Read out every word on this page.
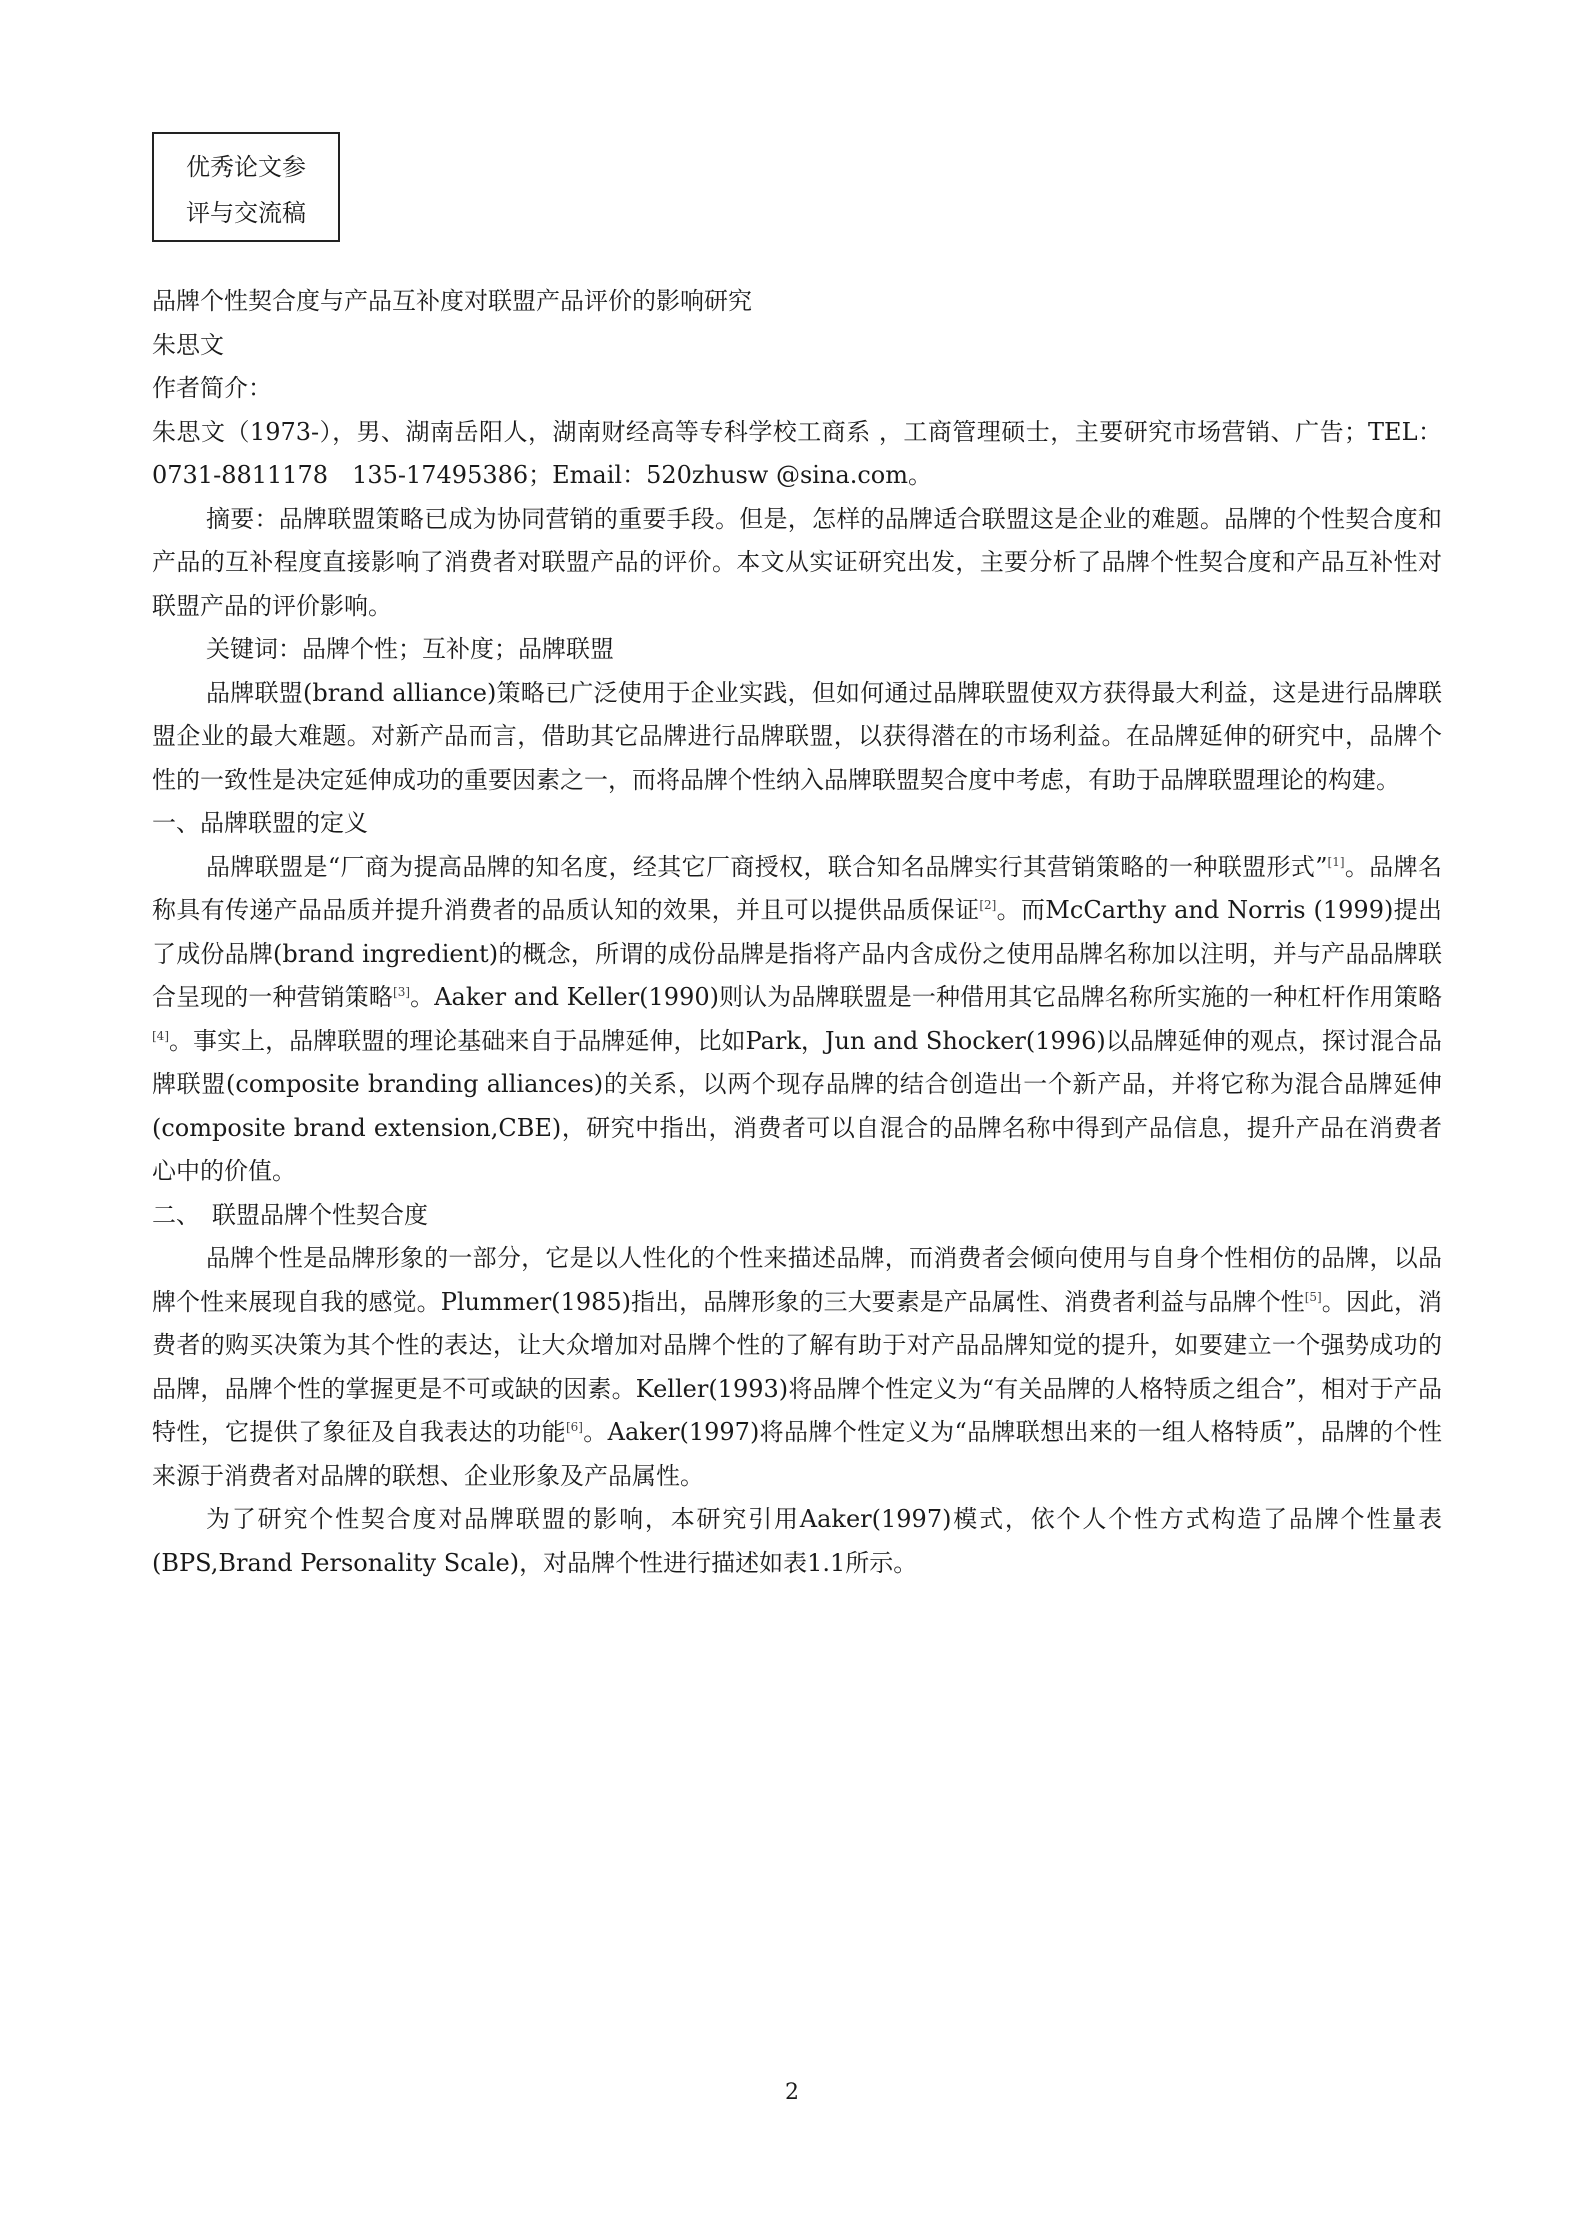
优秀论文参
评与交流稿

品牌个性契合度与产品互补度对联盟产品评价的影响研究

朱思文

作者简介：

朱思文（1973-），男、湖南岳阳人，湖南财经高等专科学校工商系 ，工商管理硕士，主要研究市场营销、广告；TEL：0731-8811178　135-17495386；Email：520zhusw @sina.com。

摘要：品牌联盟策略已成为协同营销的重要手段。但是，怎样的品牌适合联盟这是企业的难题。品牌的个性契合度和产品的互补程度直接影响了消费者对联盟产品的评价。本文从实证研究出发，主要分析了品牌个性契合度和产品互补性对联盟产品的评价影响。

关键词：品牌个性；互补度；品牌联盟

品牌联盟(brand alliance)策略已广泛使用于企业实践，但如何通过品牌联盟使双方获得最大利益，这是进行品牌联盟企业的最大难题。对新产品而言，借助其它品牌进行品牌联盟，以获得潜在的市场利益。在品牌延伸的研究中，品牌个性的一致性是决定延伸成功的重要因素之一，而将品牌个性纳入品牌联盟契合度中考虑，有助于品牌联盟理论的构建。

一、品牌联盟的定义

品牌联盟是“厂商为提高品牌的知名度，经其它厂商授权，联合知名品牌实行其营销策略的一种联盟形式”[1]。品牌名称具有传递产品品质并提升消费者的品质认知的效果，并且可以提供品质保证[2]。而McCarthy and Norris (1999)提出了成份品牌(brand ingredient)的概念，所谓的成份品牌是指将产品内含成份之使用品牌名称加以注明，并与产品品牌联合呈现的一种营销策略[3]。Aaker and Keller(1990)则认为品牌联盟是一种借用其它品牌名称所实施的一种杠杆作用策略[4]。事实上，品牌联盟的理论基础来自于品牌延伸，比如Park，Jun and Shocker(1996)以品牌延伸的观点，探讨混合品牌联盟(composite branding alliances)的关系，以两个现存品牌的结合创造出一个新产品，并将它称为混合品牌延伸(composite brand extension,CBE)，研究中指出，消费者可以自混合的品牌名称中得到产品信息，提升产品在消费者心中的价值。

二、　联盟品牌个性契合度

品牌个性是品牌形象的一部分，它是以人性化的个性来描述品牌，而消费者会倾向使用与自身个性相仿的品牌，以品牌个性来展现自我的感觉。Plummer(1985)指出，品牌形象的三大要素是产品属性、消费者利益与品牌个性[5]。因此，消费者的购买决策为其个性的表达，让大众增加对品牌个性的了解有助于对产品品牌知觉的提升，如要建立一个强势成功的品牌，品牌个性的掌握更是不可或缺的因素。Keller(1993)将品牌个性定义为“有关品牌的人格特质之组合”，相对于产品特性，它提供了象征及自我表达的功能[6]。Aaker(1997)将品牌个性定义为“品牌联想出来的一组人格特质”，品牌的个性来源于消费者对品牌的联想、企业形象及产品属性。

为了研究个性契合度对品牌联盟的影响，本研究引用Aaker(1997)模式，依个人个性方式构造了品牌个性量表(BPS,Brand Personality Scale)，对品牌个性进行描述如表1.1所示。

2
